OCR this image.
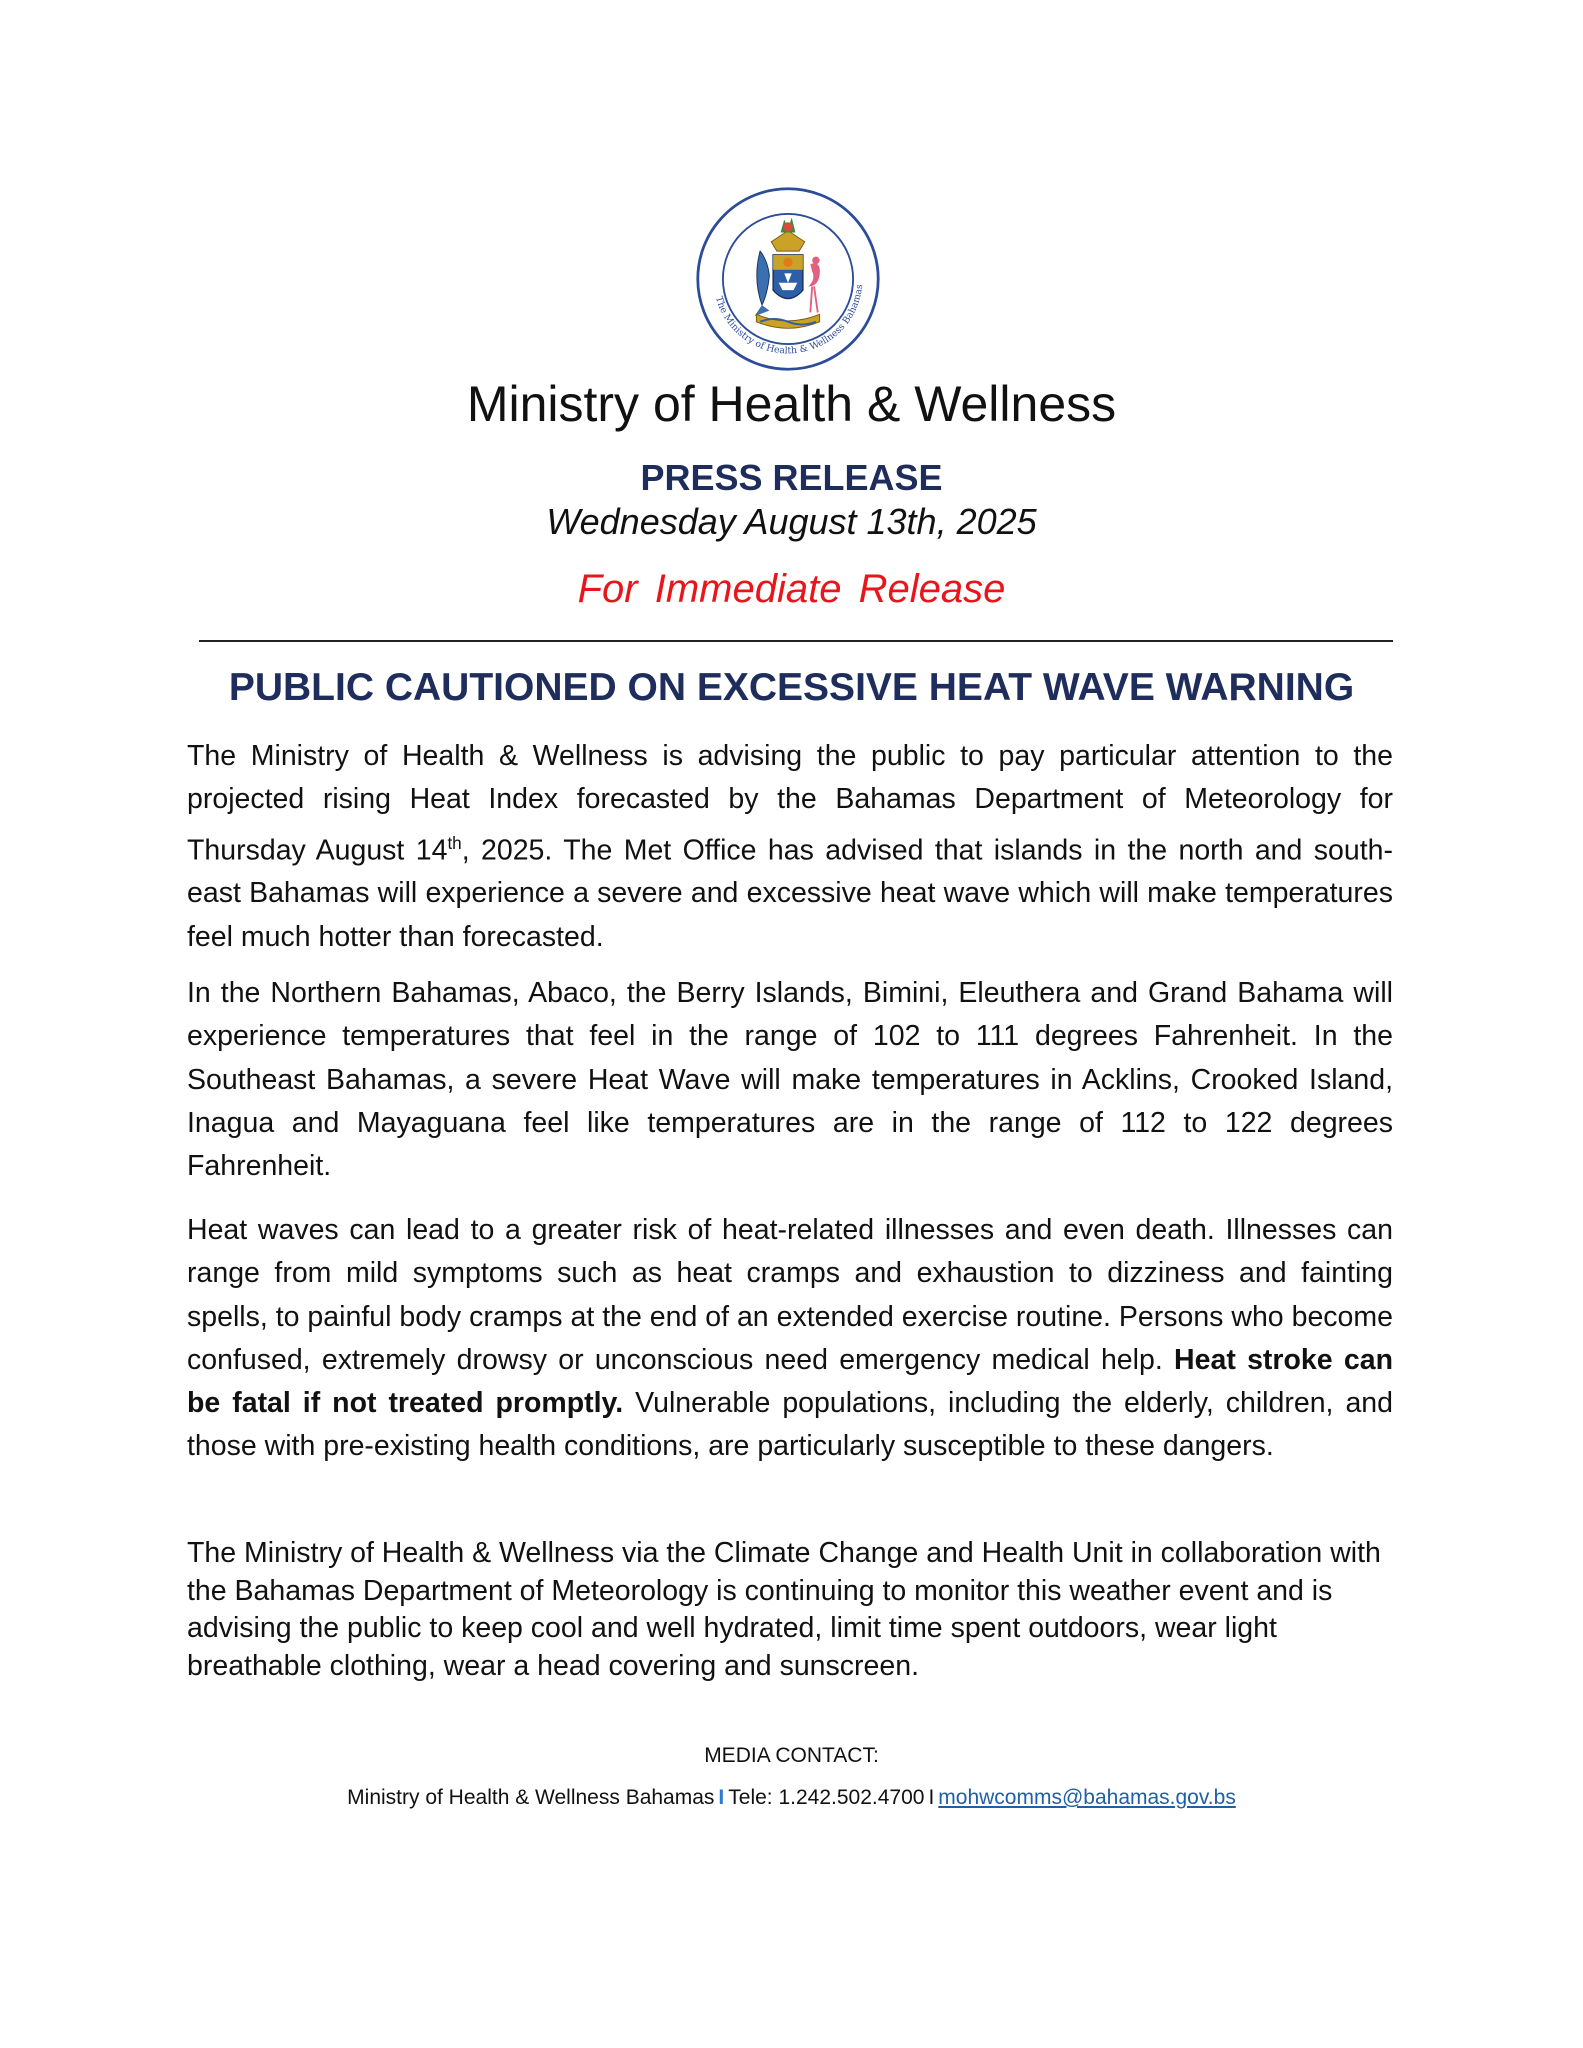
The Ministry of Health & Wellness Bahamas
Ministry of Health & Wellness
PRESS RELEASE
Wednesday August 13th, 2025
For Immediate Release
PUBLIC CAUTIONED ON EXCESSIVE HEAT WAVE WARNING

The Ministry of Health & Wellness is advising the public to pay particular attention to the projected rising Heat Index forecasted by the Bahamas Department of Meteorology for Thursday August 14th, 2025. The Met Office has advised that islands in the north and south-east Bahamas will experience a severe and excessive heat wave which will make temperatures feel much hotter than forecasted.

In the Northern Bahamas, Abaco, the Berry Islands, Bimini, Eleuthera and Grand Bahama will experience temperatures that feel in the range of 102 to 111 degrees Fahrenheit. In the Southeast Bahamas, a severe Heat Wave will make temperatures in Acklins, Crooked Island, Inagua and Mayaguana feel like temperatures are in the range of 112 to 122 degrees Fahrenheit.

Heat waves can lead to a greater risk of heat-related illnesses and even death. Illnesses can range from mild symptoms such as heat cramps and exhaustion to dizziness and fainting spells, to painful body cramps at the end of an extended exercise routine. Persons who become confused, extremely drowsy or unconscious need emergency medical help. Heat stroke can be fatal if not treated promptly. Vulnerable populations, including the elderly, children, and those with pre-existing health conditions, are particularly susceptible to these dangers.

The Ministry of Health & Wellness via the Climate Change and Health Unit in collaboration with the Bahamas Department of Meteorology is continuing to monitor this weather event and is advising the public to keep cool and well hydrated, limit time spent outdoors, wear light breathable clothing, wear a head covering and sunscreen.

MEDIA CONTACT:
Ministry of Health & Wellness Bahamas I Tele: 1.242.502.4700 I mohwcomms@bahamas.gov.bs
